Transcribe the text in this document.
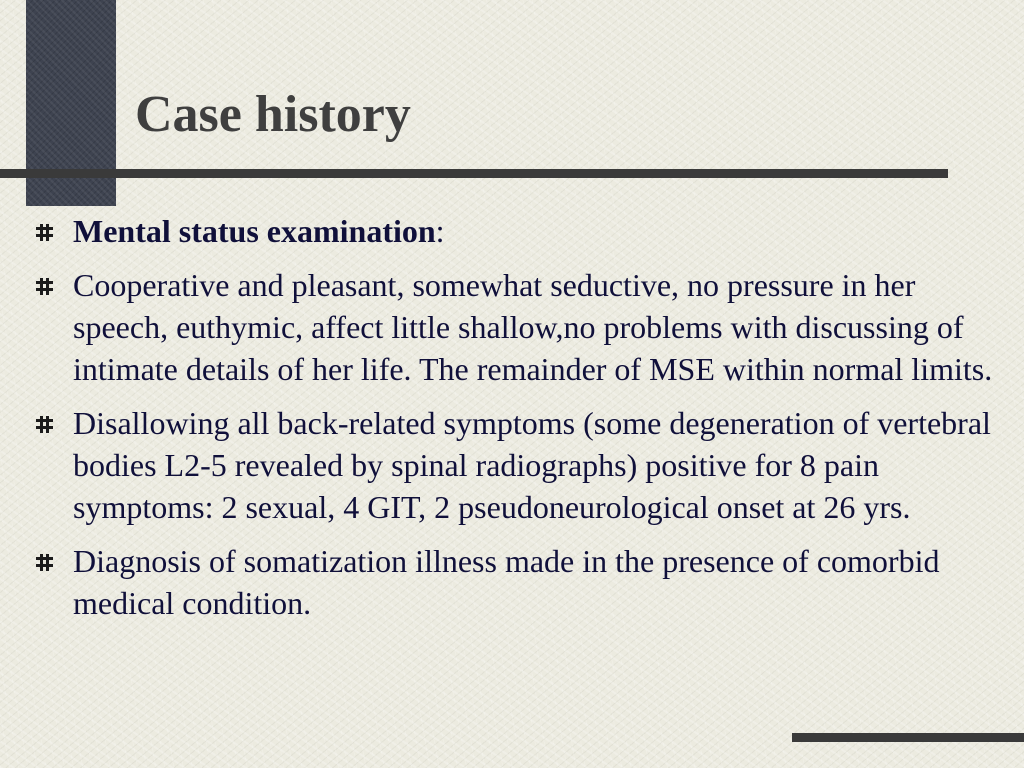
Case history
Mental status examination:
Cooperative and pleasant, somewhat seductive, no pressure in her speech, euthymic, affect little shallow,no problems with discussing of intimate details of her life. The remainder of MSE within normal limits.
Disallowing all back-related symptoms (some degeneration of vertebral bodies L2-5 revealed by spinal radiographs) positive for 8 pain symptoms: 2 sexual, 4 GIT, 2 pseudoneurological onset at 26 yrs.
Diagnosis of somatization illness made in the presence of comorbid medical condition.
